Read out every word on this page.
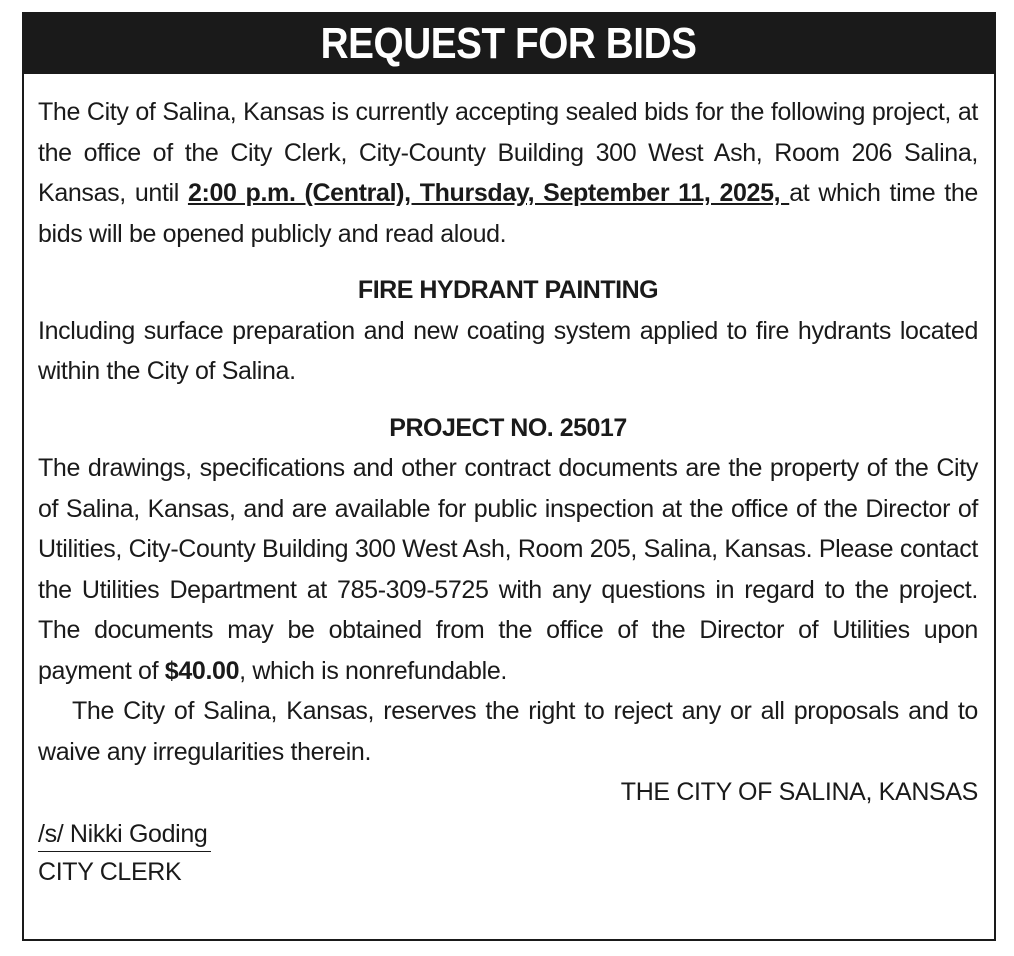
REQUEST FOR BIDS

The City of Salina, Kansas is currently accepting sealed bids for the following project, at the office of the City Clerk, City-County Building 300 West Ash, Room 206 Salina, Kansas, until 2:00 p.m. (Central), Thursday, September 11, 2025, at which time the bids will be opened publicly and read aloud.

FIRE HYDRANT PAINTING

Including surface preparation and new coating system applied to fire hydrants located within the City of Salina.

PROJECT NO. 25017

The drawings, specifications and other contract documents are the property of the City of Salina, Kansas, and are available for public inspection at the office of the Director of Utilities, City-County Building 300 West Ash, Room 205, Salina, Kansas. Please contact the Utilities Department at 785-309-5725 with any questions in regard to the project. The documents may be obtained from the office of the Director of Utilities upon payment of $40.00, which is nonrefundable.

The City of Salina, Kansas, reserves the right to reject any or all proposals and to waive any irregularities therein.

THE CITY OF SALINA, KANSAS

/s/ Nikki Goding

CITY CLERK
